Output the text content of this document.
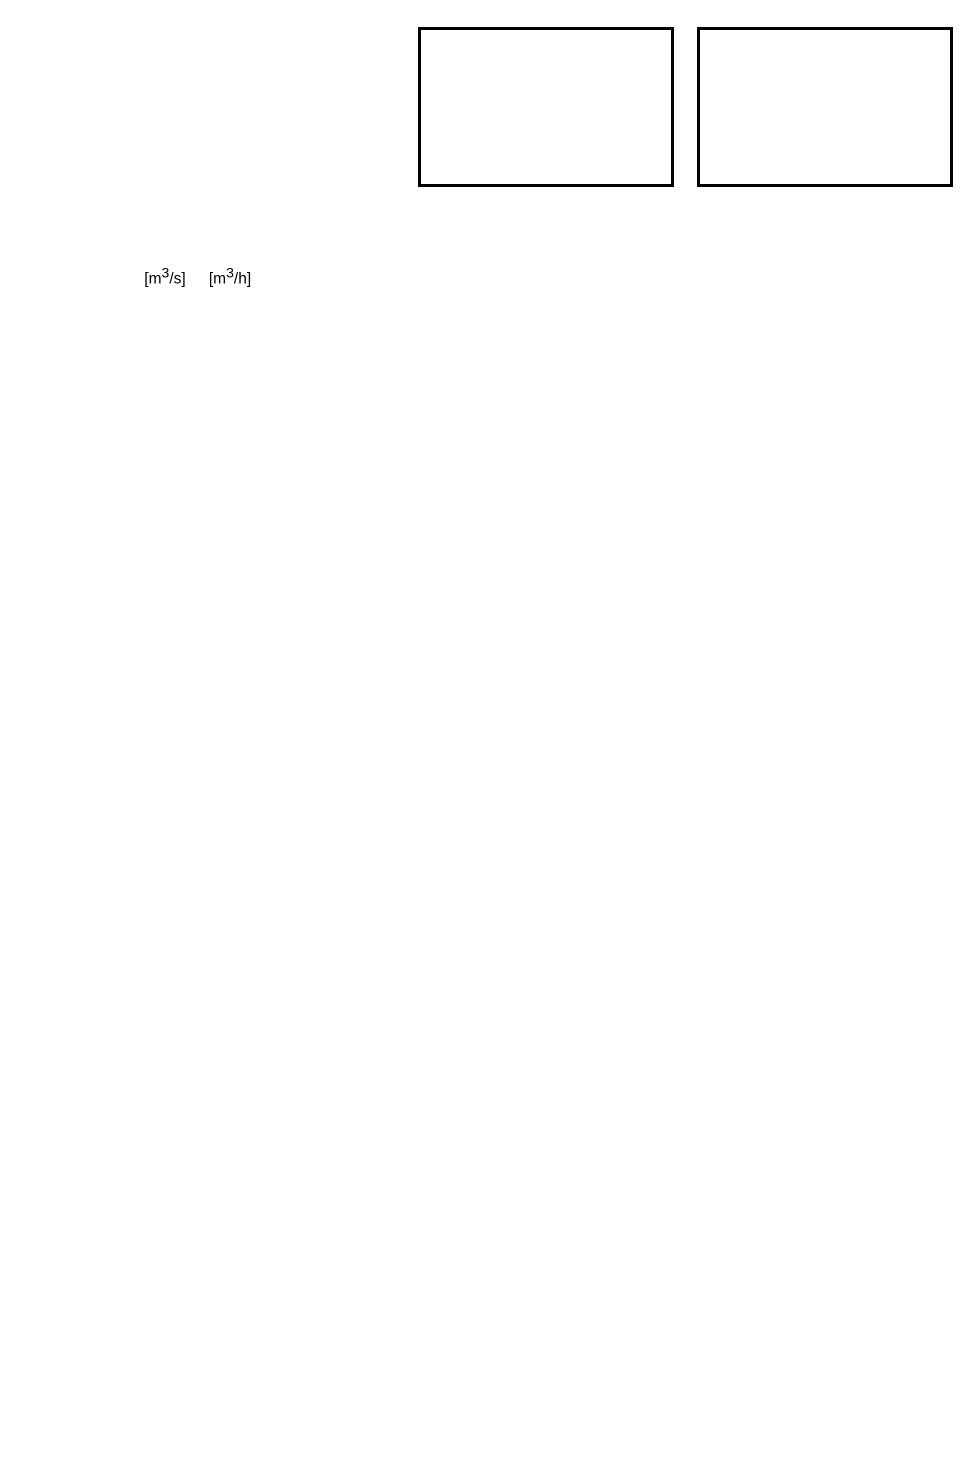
$[m^3/s]$ $[m^3/h]$
